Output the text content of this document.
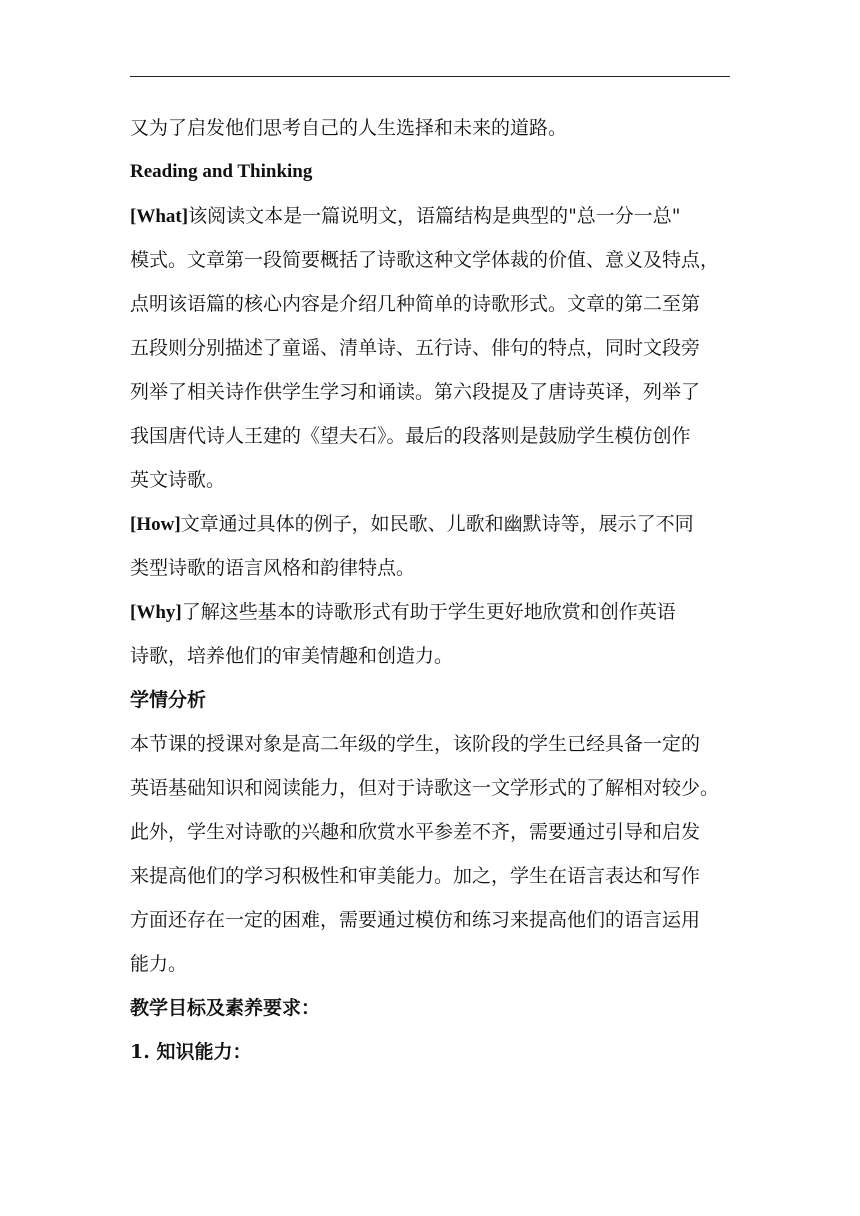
又为了启发他们思考自己的人生选择和未来的道路。
Reading and Thinking
[What]该阅读文本是一篇说明文，语篇结构是典型的"总一分一总"
模式。文章第一段简要概括了诗歌这种文学体裁的价值、意义及特点，
点明该语篇的核心内容是介绍几种简单的诗歌形式。文章的第二至第
五段则分别描述了童谣、清单诗、五行诗、俳句的特点，同时文段旁
列举了相关诗作供学生学习和诵读。第六段提及了唐诗英译，列举了
我国唐代诗人王建的《望夫石》。最后的段落则是鼓励学生模仿创作
英文诗歌。
[How]文章通过具体的例子，如民歌、儿歌和幽默诗等，展示了不同
类型诗歌的语言风格和韵律特点。
[Why]了解这些基本的诗歌形式有助于学生更好地欣赏和创作英语
诗歌，培养他们的审美情趣和创造力。
学情分析
本节课的授课对象是高二年级的学生，该阶段的学生已经具备一定的
英语基础知识和阅读能力，但对于诗歌这一文学形式的了解相对较少。
此外，学生对诗歌的兴趣和欣赏水平参差不齐，需要通过引导和启发
来提高他们的学习积极性和审美能力。加之，学生在语言表达和写作
方面还存在一定的困难，需要通过模仿和练习来提高他们的语言运用
能力。
教学目标及素养要求：
1. 知识能力：
